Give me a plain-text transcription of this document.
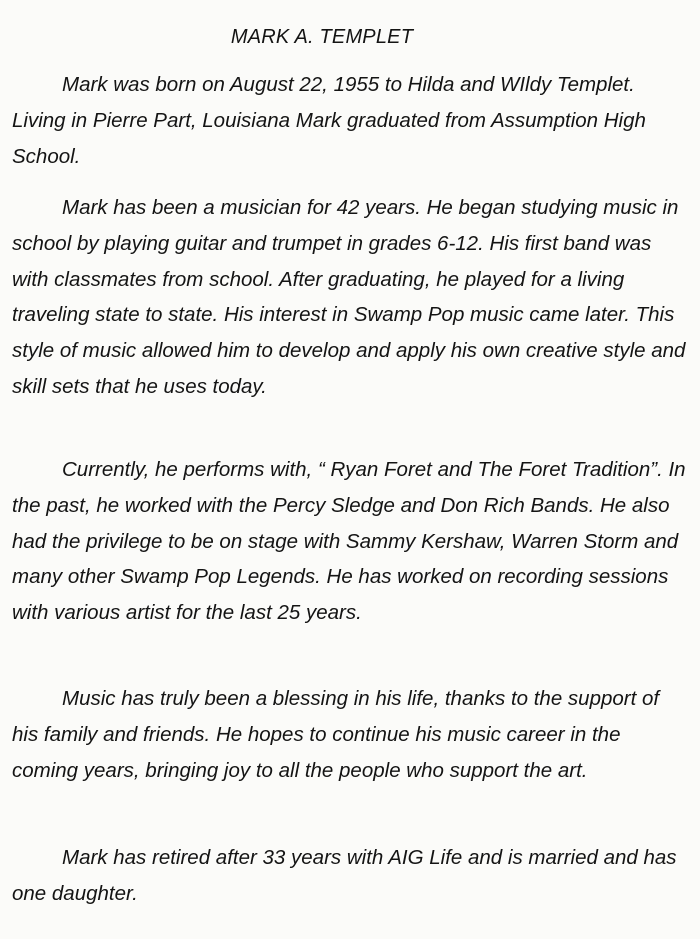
MARK A. TEMPLET

Mark was born on August 22, 1955 to Hilda and WIldy Templet. Living in Pierre Part, Louisiana Mark graduated from Assumption High School.

Mark has been a musician for 42 years. He began studying music in school by playing guitar and trumpet in grades 6-12. His first band was with classmates from school. After graduating, he played for a living traveling state to state. His interest in Swamp Pop music came later. This style of music allowed him to develop and apply his own creative style and skill sets that he uses today.

Currently, he performs with, “ Ryan Foret and The Foret Tradition”. In the past, he worked with the Percy Sledge and Don Rich Bands. He also had the privilege to be on stage with Sammy Kershaw, Warren Storm and many other Swamp Pop Legends. He has worked on recording sessions with various artist for the last 25 years.

Music has truly been a blessing in his life, thanks to the support of his family and friends. He hopes to continue his music career in the coming years, bringing joy to all the people who support the art.

Mark has retired after 33 years with AIG Life and is married and has one daughter.
